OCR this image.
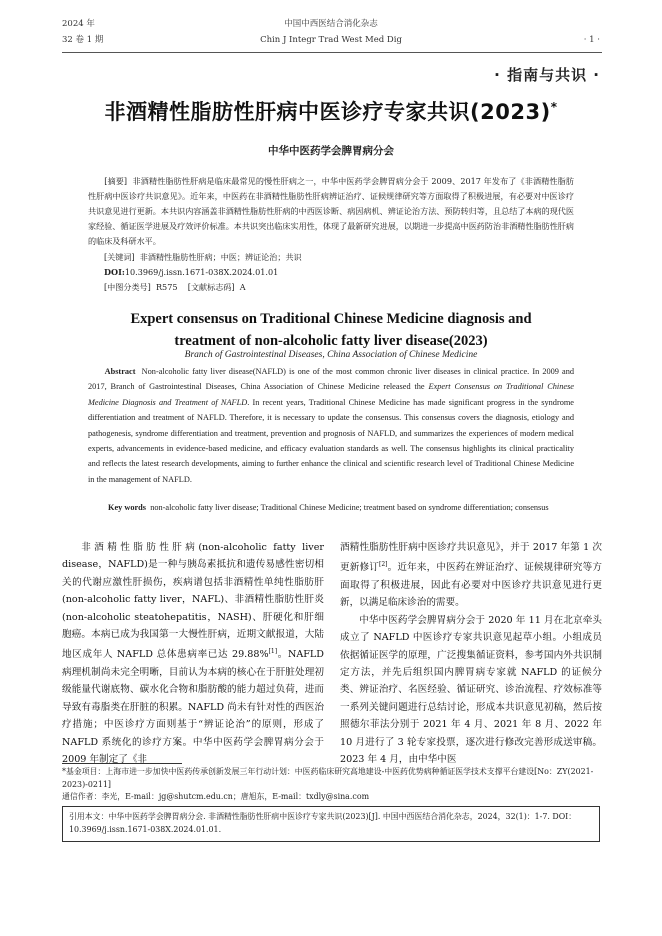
2024 年
32 卷 1 期
中国中西医结合消化杂志
Chin J Integr Trad West Med Dig	· 1 ·
· 指南与共识 ·
非酒精性脂肪性肝病中医诊疗专家共识(2023)*
中华中医药学会脾胃病分会
[摘要] 非酒精性脂肪性肝病是临床最常见的慢性肝病之一，中华中医药学会脾胃病分会于 2009、2017 年发布了《非酒精性脂肪性肝病中医诊疗共识意见》。近年来，中医药在非酒精性脂肪性肝病辨证治疗、证候规律研究等方面取得了积极进展，有必要对中医诊疗共识意见进行更新。本共识内容涵盖非酒精性脂肪性肝病的中西医诊断、病因病机、辨证论治方法、预防转归等，且总结了本病的现代医家经验、循证医学进展及疗效评价标准。本共识突出临床实用性，体现了最新研究进展，以期进一步提高中医药防治非酒精性脂肪性肝病的临床及科研水平。
[关键词] 非酒精性脂肪性肝病；中医；辨证论治；共识
DOI:10.3969/j.issn.1671-038X.2024.01.01
[中图分类号] R575 [文献标志码] A
Expert consensus on Traditional Chinese Medicine diagnosis and
treatment of non-alcoholic fatty liver disease(2023)
Branch of Gastrointestinal Diseases, China Association of Chinese Medicine
Abstract Non-alcoholic fatty liver disease(NAFLD) is one of the most common chronic liver diseases in clinical practice. In 2009 and 2017, Branch of Gastrointestinal Diseases, China Association of Chinese Medicine released the Expert Consensus on Traditional Chinese Medicine Diagnosis and Treatment of NAFLD. In recent years, Traditional Chinese Medicine has made significant progress in the syndrome differentiation and treatment of NAFLD. Therefore, it is necessary to update the consensus. This consensus covers the diagnosis, etiology and pathogenesis, syndrome differentiation and treatment, prevention and prognosis of NAFLD, and summarizes the experiences of modern medical experts, advancements in evidence-based medicine, and efficacy evaluation standards as well. The consensus highlights its clinical practicality and reflects the latest research developments, aiming to further enhance the clinical and scientific research level of Traditional Chinese Medicine in the management of NAFLD.
Key words non-alcoholic fatty liver disease; Traditional Chinese Medicine; treatment based on syndrome differentiation; consensus

非酒精性脂肪性肝病(non-alcoholic fatty liver disease，NAFLD)是一种与胰岛素抵抗和遗传易感性密切相关的代谢应激性肝损伤，疾病谱包括非酒精性单纯性脂肪肝(non-alcoholic fatty liver，NAFL)、非酒精性脂肪性肝炎(non-alcoholic steatohepatitis，NASH)、肝硬化和肝细胞癌。本病已成为我国第一大慢性肝病，近期文献报道，大陆地区成年人 NAFLD 总体患病率已达 29.88%[1]。NAFLD 病理机制尚未完全明晰，目前认为本病的核心在于肝脏处理初级能量代谢底物、碳水化合物和脂肪酸的能力超过负荷，进而导致有毒脂类在肝脏的积累。NAFLD 尚未有针对性的西医治疗措施；中医诊疗方面则基于“辨证论治”的原则，形成了 NAFLD 系统化的诊疗方案。中华中医药学会脾胃病分会于 2009 年制定了《非

酒精性脂肪性肝病中医诊疗共识意见》，并于 2017 年第 1 次更新修订[2]。近年来，中医药在辨证治疗、证候规律研究等方面取得了积极进展，因此有必要对中医诊疗共识意见进行更新，以满足临床诊治的需要。

中华中医药学会脾胃病分会于 2020 年 11 月在北京牵头成立了 NAFLD 中医诊疗专家共识意见起草小组。小组成员依据循证医学的原理，广泛搜集循证资料，参考国内外共识制定方法，并先后组织国内脾胃病专家就 NAFLD 的证候分类、辨证治疗、名医经验、循证研究、诊治流程、疗效标准等一系列关键问题进行总结讨论，形成本共识意见初稿，然后按照德尔菲法分别于 2021 年 4 月、2021 年 8 月、2022 年 10 月进行了 3 轮专家投票，逐次进行修改完善形成送审稿。2023 年 4 月，由中华中医

*基金项目：上海市进一步加快中医药传承创新发展三年行动计划：中医药临床研究高地建设-中医药优势病种循证医学技术支撑平台建设[No：ZY(2021-2023)-0211]
通信作者：李光，E-mail：jg@shutcm.edu.cn；唐旭东，E-mail：txdly@sina.com
引用本文：中华中医药学会脾胃病分会. 非酒精性脂肪性肝病中医诊疗专家共识(2023)[J]. 中国中西医结合消化杂志，2024，32(1)：1-7. DOI：10.3969/j.issn.1671-038X.2024.01.01.
